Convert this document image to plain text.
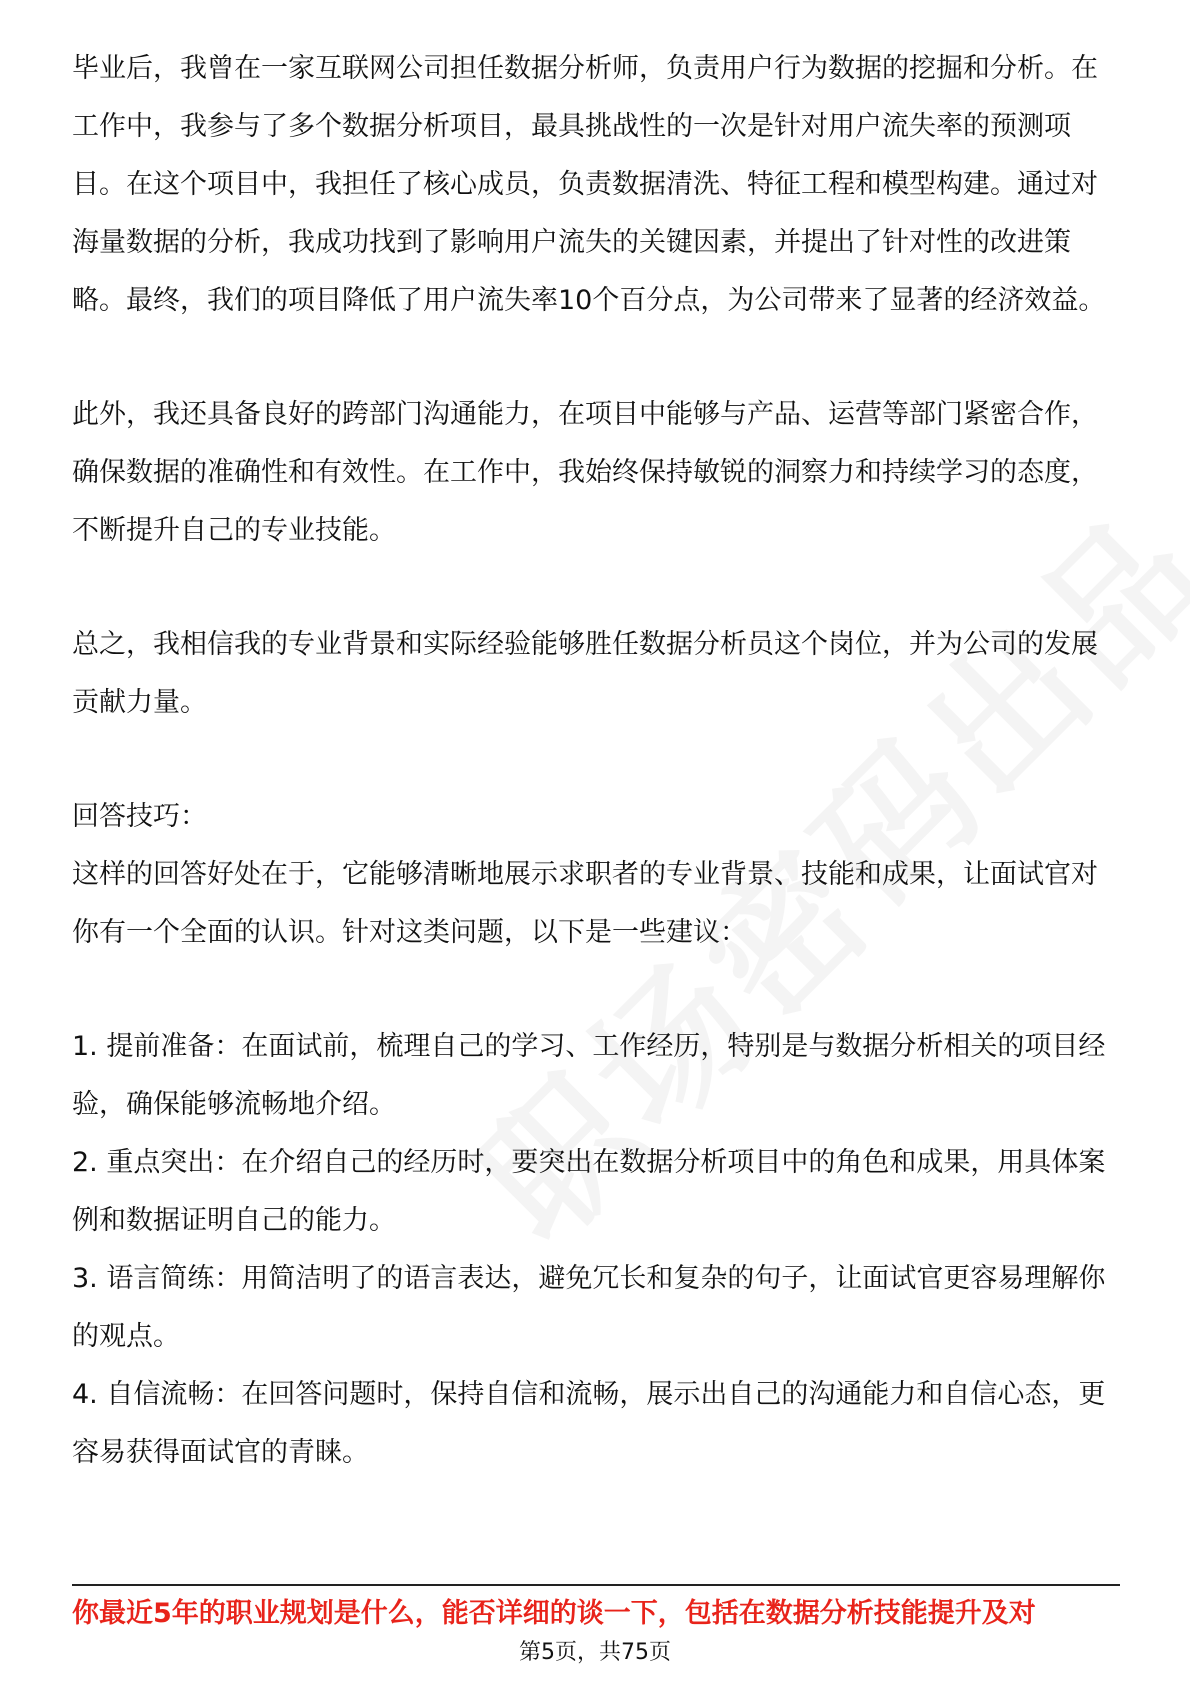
毕业后，我曾在一家互联网公司担任数据分析师，负责用户行为数据的挖掘和分析。在工作中，我参与了多个数据分析项目，最具挑战性的一次是针对用户流失率的预测项目。在这个项目中，我担任了核心成员，负责数据清洗、特征工程和模型构建。通过对海量数据的分析，我成功找到了影响用户流失的关键因素，并提出了针对性的改进策略。最终，我们的项目降低了用户流失率10个百分点，为公司带来了显著的经济效益。

此外，我还具备良好的跨部门沟通能力，在项目中能够与产品、运营等部门紧密合作，确保数据的准确性和有效性。在工作中，我始终保持敏锐的洞察力和持续学习的态度，不断提升自己的专业技能。

总之，我相信我的专业背景和实际经验能够胜任数据分析员这个岗位，并为公司的发展贡献力量。

回答技巧：

这样的回答好处在于，它能够清晰地展示求职者的专业背景、技能和成果，让面试官对你有一个全面的认识。针对这类问题，以下是一些建议：

1. 提前准备：在面试前，梳理自己的学习、工作经历，特别是与数据分析相关的项目经验，确保能够流畅地介绍。

2. 重点突出：在介绍自己的经历时，要突出在数据分析项目中的角色和成果，用具体案例和数据证明自己的能力。

3. 语言简练：用简洁明了的语言表达，避免冗长和复杂的句子，让面试官更容易理解你的观点。

4. 自信流畅：在回答问题时，保持自信和流畅，展示出自己的沟通能力和自信心态，更容易获得面试官的青睐。

你最近5年的职业规划是什么，能否详细的谈一下，包括在数据分析技能提升及对
第5页，共75页
